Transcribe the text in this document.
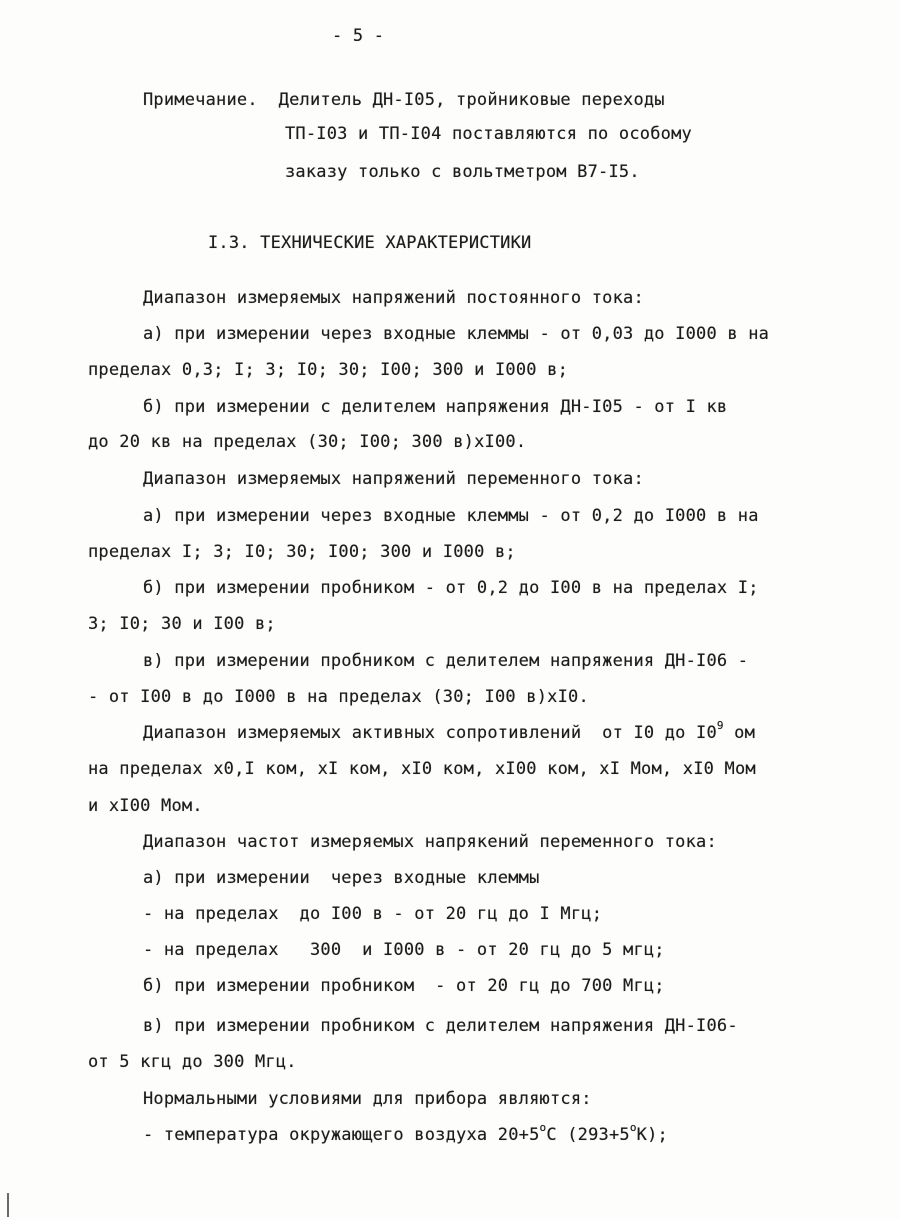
- 5 -
Примечание.  Делитель ДН-I05, тройниковые переходы
ТП-I03 и ТП-I04 поставляются по особому
заказу только с вольтметром В7-I5.
I.3. ТЕХНИЧЕСКИЕ ХАРАКТЕРИСТИКИ
Диапазон измеряемых напряжений постоянного тока:
а) при измерении через входные клеммы - от 0,03 до I000 в на
пределах 0,3; I; 3; I0; 30; I00; 300 и I000 в;
б) при измерении с делителем напряжения ДН-I05 - от I кв
до 20 кв на пределах (30; I00; 300 в)хI00.
Диапазон измеряемых напряжений переменного тока:
а) при измерении через входные клеммы - от 0,2 до I000 в на
пределах I; 3; I0; 30; I00; 300 и I000 в;
б) при измерении пробником - от 0,2 до I00 в на пределах I;
3; I0; 30 и I00 в;
в) при измерении пробником с делителем напряжения ДН-I06 -
- от I00 в до I000 в на пределах (30; I00 в)хI0.
Диапазон измеряемых активных сопротивлений  от I0 до $I0^9$ ом
на пределах х0,I ком, хI ком, хI0 ком, хI00 ком, хI Мом, хI0 Мом
и хI00 Мом.
Диапазон частот измеряемых напрякений переменного тока:
а) при измерении  через входные клеммы
- на пределах  до I00 в - от 20 гц до I Мгц;
- на пределах   300  и I000 в - от 20 гц до 5 мгц;
б) при измерении пробником  - от 20 гц до 700 Мгц;
в) при измерении пробником с делителем напряжения ДН-I06-
от 5 кгц до 300 Мгц.
Нормальными условиями для прибора являются:
- температура окружающего воздуха $20+5^оС$ $(293+5^оК)$;
